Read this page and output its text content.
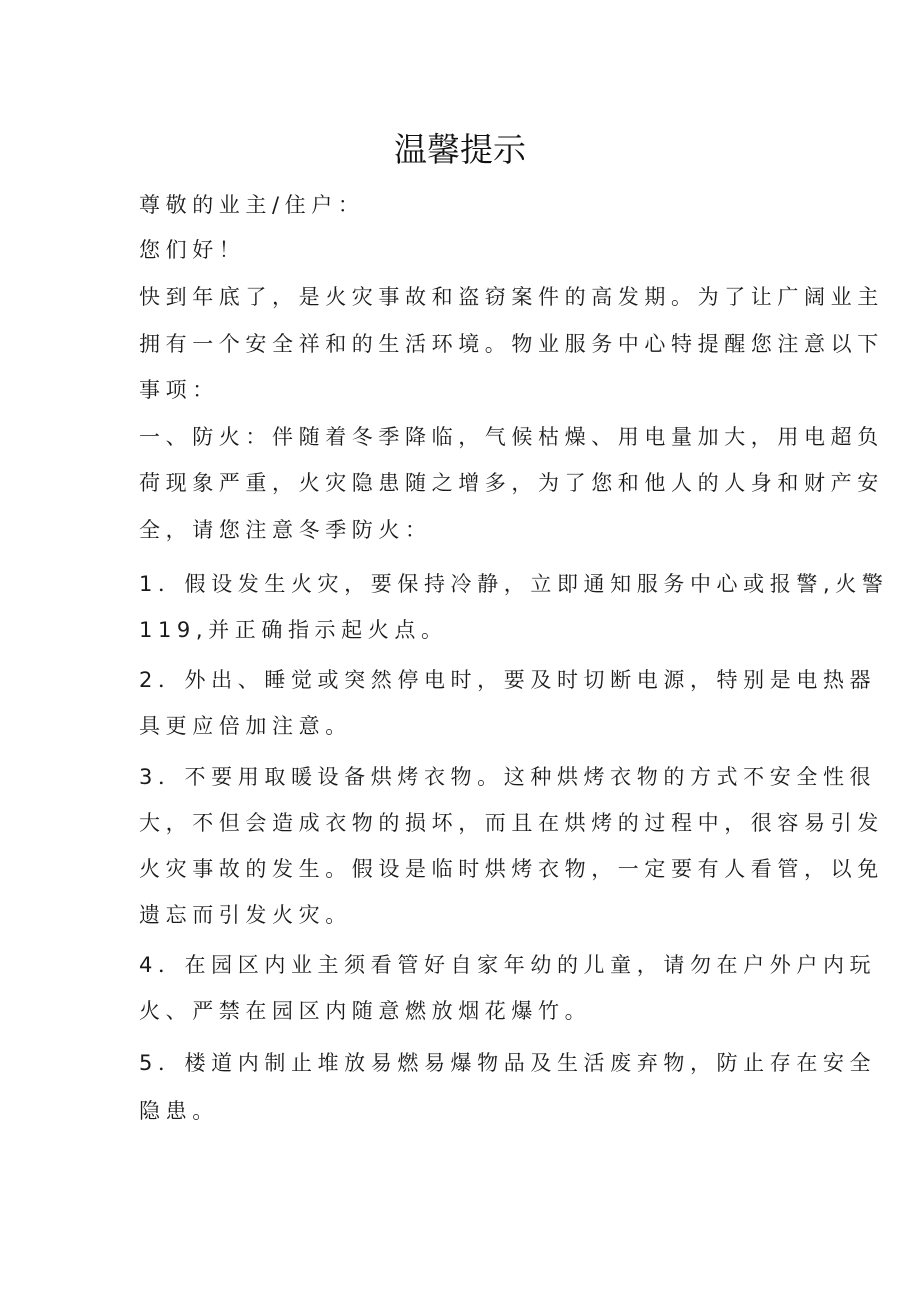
温馨提示

尊敬的业主/住户：

您们好！

快到年底了，是火灾事故和盗窃案件的高发期。为了让广阔业主

拥有一个安全祥和的生活环境。物业服务中心特提醒您注意以下

事项：

一、防火：伴随着冬季降临，气候枯燥、用电量加大，用电超负

荷现象严重，火灾隐患随之增多，为了您和他人的人身和财产安

全，请您注意冬季防火：

1．假设发生火灾，要保持冷静，立即通知服务中心或报警,火警

119,并正确指示起火点。

2．外出、睡觉或突然停电时，要及时切断电源，特别是电热器

具更应倍加注意。

3．不要用取暖设备烘烤衣物。这种烘烤衣物的方式不安全性很

大，不但会造成衣物的损坏，而且在烘烤的过程中，很容易引发

火灾事故的发生。假设是临时烘烤衣物，一定要有人看管，以免

遗忘而引发火灾。

4．在园区内业主须看管好自家年幼的儿童，请勿在户外户内玩

火、严禁在园区内随意燃放烟花爆竹。

5．楼道内制止堆放易燃易爆物品及生活废弃物，防止存在安全

隐患。
